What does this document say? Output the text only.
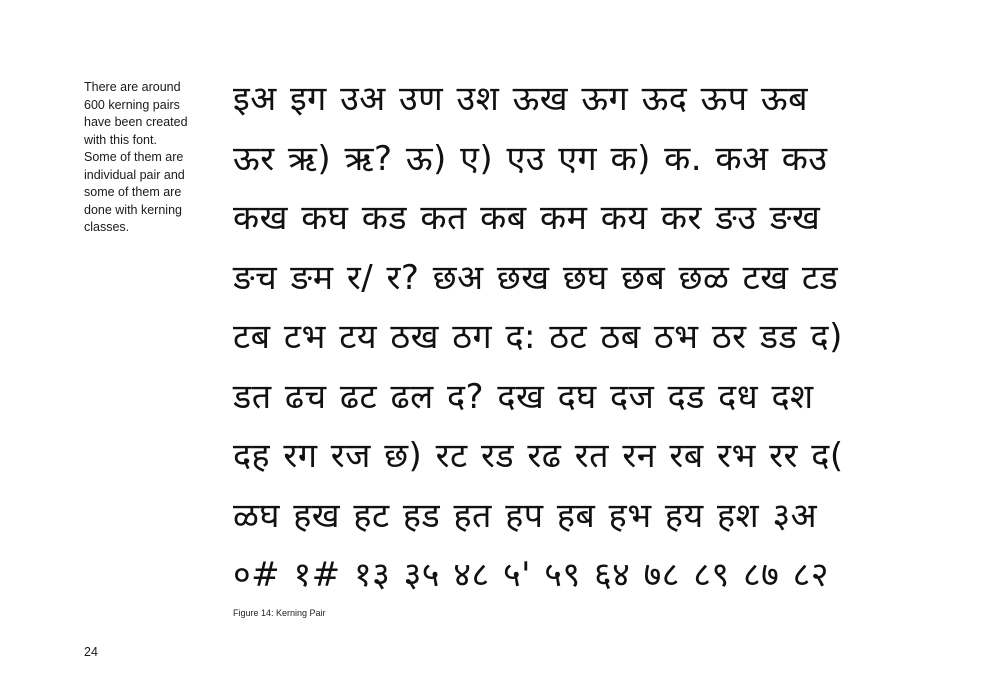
There are around
600 kerning pairs
have been created
with this font.
Some of them are
individual pair and
some of them are
done with kerning
classes.
इअ इग उअ उण उश ऊख ऊग ऊद ऊप ऊब
ऊर ऋ) ऋ? ऊ) ए) एउ एग क) क. कअ कउ
कख कघ कड कत कब कम कय कर ङउ ङख
ङच ङम र/ र? छअ छख छघ छब छळ टख टड
टब टभ टय ठख ठग द: ठट ठब ठभ ठर डड द)
डत ढच ढट ढल द? दख दघ दज दड दध दश
दह रग रज छ) रट रड रढ रत रन रब रभ रर द(
ळघ हख हट हड हत हप हब हभ हय हश ३अ
०# १# १३ ३५ ४८ ५' ५९ ६४ ७८ ८९ ८७ ८२
Figure 14: Kerning Pair
24
